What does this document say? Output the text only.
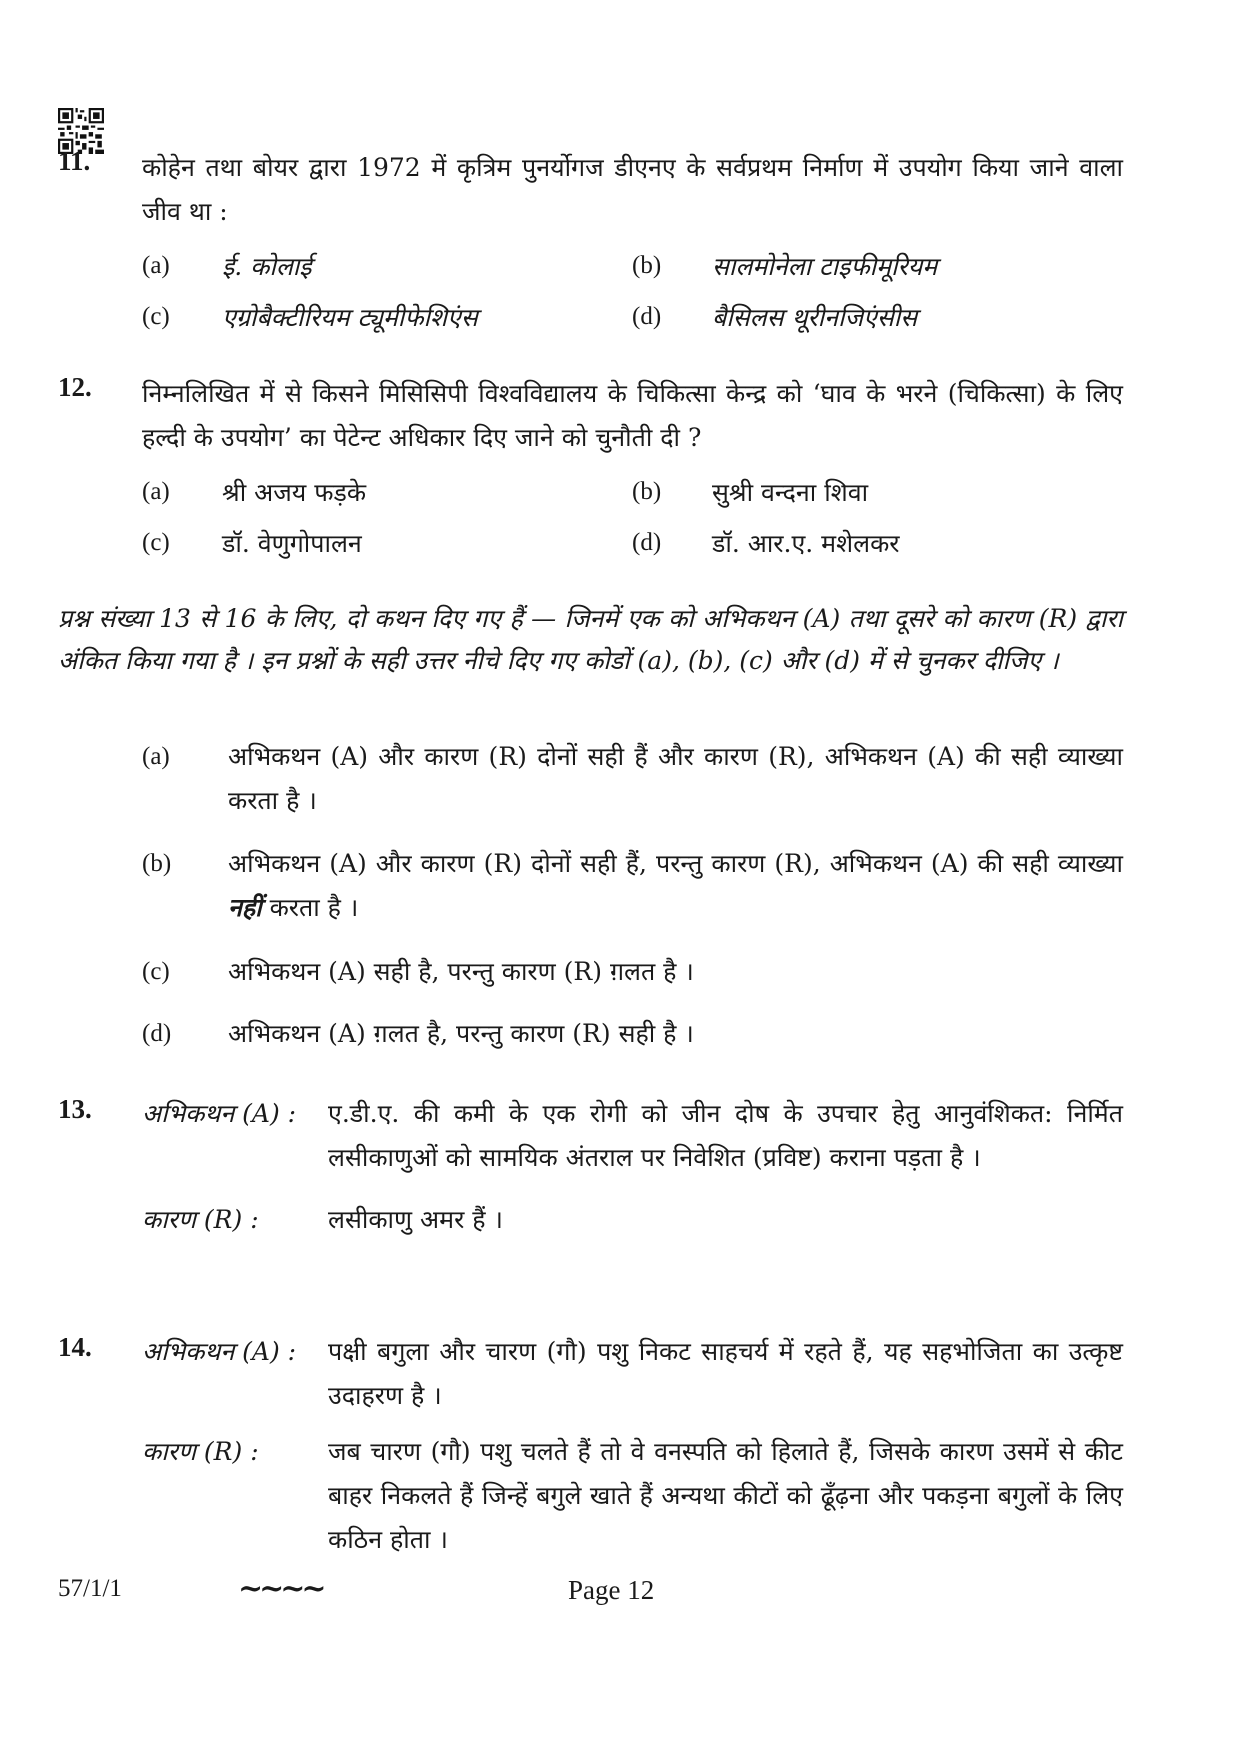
11. कोहेन तथा बोयर द्वारा 1972 में कृत्रिम पुनर्योगज डीएनए के सर्वप्रथम निर्माण में उपयोग किया जाने वाला जीव था :
(a)	ई. कोलाई	(b)	सालमोनेला टाइफीमूरियम
(c)	एग्रोबैक्टीरियम ट्यूमीफेशिएंस	(d)	बैसिलस थूरीनजिएंसीस
12. निम्नलिखित में से किसने मिसिसिपी विश्वविद्यालय के चिकित्सा केन्द्र को ‘घाव के भरने (चिकित्सा) के लिए हल्दी के उपयोग’ का पेटेन्ट अधिकार दिए जाने को चुनौती दी ?
(a)	श्री अजय फड़के	(b)	सुश्री वन्दना शिवा
(c)	डॉ. वेणुगोपालन	(d)	डॉ. आर.ए. मशेलकर
प्रश्न संख्या 13 से 16 के लिए, दो कथन दिए गए हैं — जिनमें एक को अभिकथन (A) तथा दूसरे को कारण (R) द्वारा अंकित किया गया है । इन प्रश्नों के सही उत्तर नीचे दिए गए कोडों (a), (b), (c) और (d) में से चुनकर दीजिए ।
(a)	अभिकथन (A) और कारण (R) दोनों सही हैं और कारण (R), अभिकथन (A) की सही व्याख्या करता है ।
(b)	अभिकथन (A) और कारण (R) दोनों सही हैं, परन्तु कारण (R), अभिकथन (A) की सही व्याख्या नहीं करता है ।
(c)	अभिकथन (A) सही है, परन्तु कारण (R) ग़लत है ।
(d)	अभिकथन (A) ग़लत है, परन्तु कारण (R) सही है ।
13. अभिकथन (A) :	ए.डी.ए. की कमी के एक रोगी को जीन दोष के उपचार हेतु आनुवंशिकत: निर्मित लसीकाणुओं को सामयिक अंतराल पर निवेशित (प्रविष्ट) कराना पड़ता है ।
कारण (R) :	लसीकाणु अमर हैं ।
14. अभिकथन (A) :	पक्षी बगुला और चारण (गौ) पशु निकट साहचर्य में रहते हैं, यह सहभोजिता का उत्कृष्ट उदाहरण है ।
कारण (R) :	जब चारण (गौ) पशु चलते हैं तो वे वनस्पति को हिलाते हैं, जिसके कारण उसमें से कीट बाहर निकलते हैं जिन्हें बगुले खाते हैं अन्यथा कीटों को ढूँढ़ना और पकड़ना बगुलों के लिए कठिन होता ।
57/1/1	~~~~	Page 12
